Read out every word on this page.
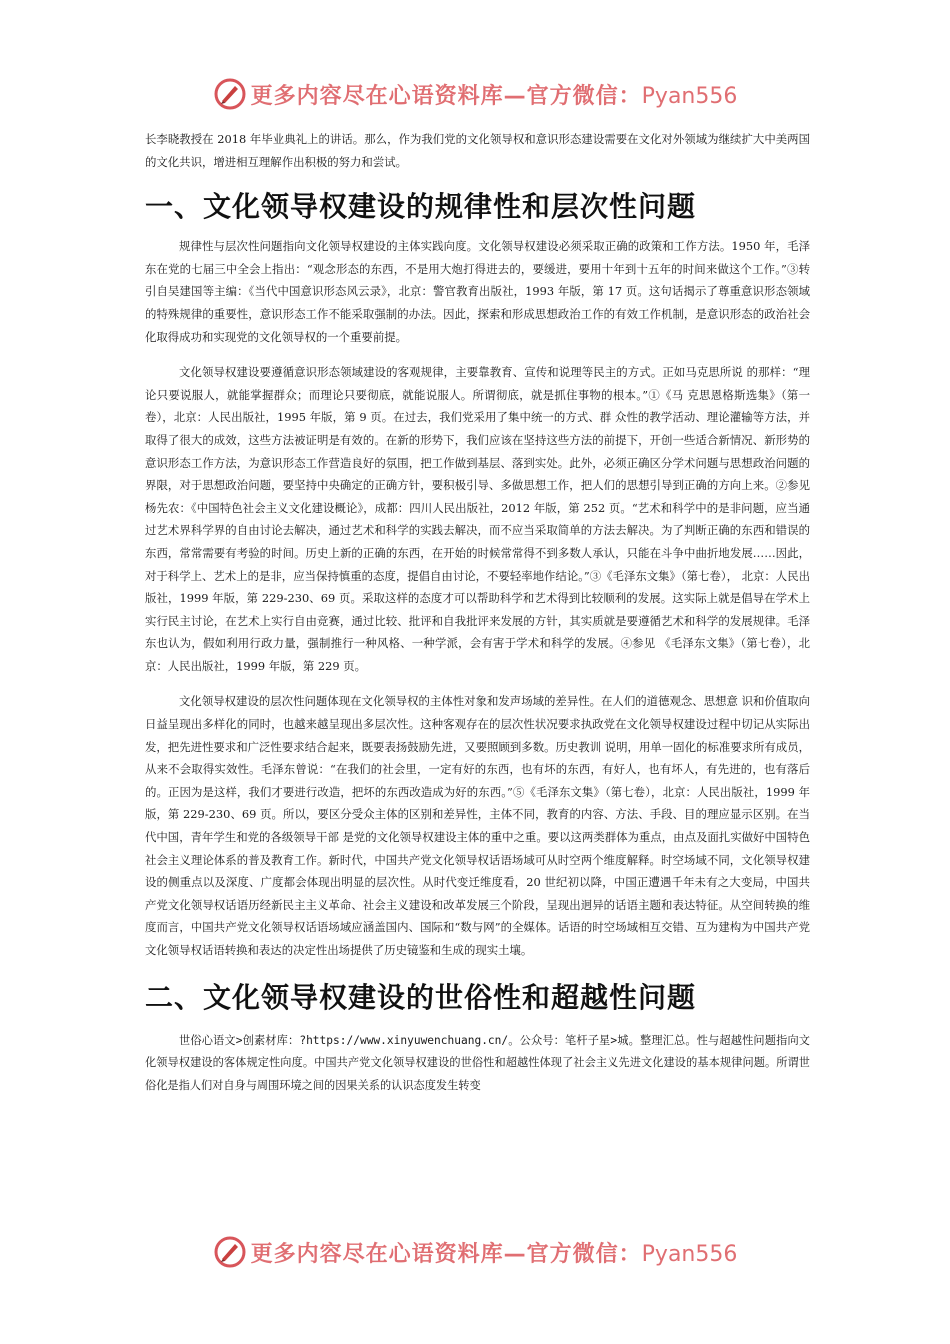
更多内容尽在心语资料库—官方微信：Pyan556

长李晓教授在 2018 年毕业典礼上的讲话。那么，作为我们党的文化领导权和意识形态建设需要在文化对外领域为继续扩大中美两国的文化共识，增进相互理解作出积极的努力和尝试。

一、文化领导权建设的规律性和层次性问题

规律性与层次性问题指向文化领导权建设的主体实践向度。文化领导权建设必须采取正确的政策和工作方法。1950 年，毛泽东在党的七届三中全会上指出：“观念形态的东西，不是用大炮打得进去的，要缓进，要用十年到十五年的时间来做这个工作。”③转引自吴建国等主编：《当代中国意识形态风云录》，北京：警官教育出版社，1993 年版，第 17 页。这句话揭示了尊重意识形态领域的特殊规律的重要性，意识形态工作不能采取强制的办法。因此，探索和形成思想政治工作的有效工作机制，是意识形态的政治社会化取得成功和实现党的文化领导权的一个重要前提。

文化领导权建设要遵循意识形态领域建设的客观规律，主要靠教育、宣传和说理等民主的方式。正如马克思所说 的那样：“理论只要说服人，就能掌握群众；而理论只要彻底，就能说服人。所谓彻底，就是抓住事物的根本。”①《马 克思恩格斯选集》（第一卷），北京：人民出版社，1995 年版，第 9 页。在过去，我们党采用了集中统一的方式、群 众性的教学活动、理论灌输等方法，并取得了很大的成效，这些方法被证明是有效的。在新的形势下，我们应该在坚持这些方法的前提下，开创一些适合新情况、新形势的意识形态工作方法，为意识形态工作营造良好的氛围，把工作做到基层、落到实处。此外，必须正确区分学术问题与思想政治问题的界限，对于思想政治问题，要坚持中央确定的正确方针，要积极引导、多做思想工作，把人们的思想引导到正确的方向上来。②参见杨先农：《中国特色社会主义文化建设概论》，成都：四川人民出版社，2012 年版，第 252 页。“艺术和科学中的是非问题，应当通过艺术界科学界的自由讨论去解决，通过艺术和科学的实践去解决，而不应当采取简单的方法去解决。为了判断正确的东西和错误的东西，常常需要有考验的时间。历史上新的正确的东西，在开始的时候常常得不到多数人承认，只能在斗争中曲折地发展……因此， 对于科学上、艺术上的是非，应当保持慎重的态度，提倡自由讨论，不要轻率地作结论。”③《毛泽东文集》（第七卷）， 北京：人民出版社，1999 年版，第 229-230、69 页。采取这样的态度才可以帮助科学和艺术得到比较顺利的发展。这实际上就是倡导在学术上实行民主讨论，在艺术上实行自由竞赛，通过比较、批评和自我批评来发展的方针，其实质就是要遵循艺术和科学的发展规律。毛泽东也认为，假如利用行政力量，强制推行一种风格、一种学派，会有害于学术和科学的发展。④参见 《毛泽东文集》（第七卷），北京：人民出版社，1999 年版，第 229 页。

文化领导权建设的层次性问题体现在文化领导权的主体性对象和发声场域的差异性。在人们的道德观念、思想意 识和价值取向日益呈现出多样化的同时，也越来越呈现出多层次性。这种客观存在的层次性状况要求执政党在文化领导权建设过程中切记从实际出发，把先进性要求和广泛性要求结合起来，既要表扬鼓励先进，又要照顾到多数。历史教训 说明，用单一固化的标准要求所有成员，从来不会取得实效性。毛泽东曾说：“在我们的社会里，一定有好的东西，也有坏的东西，有好人，也有坏人，有先进的，也有落后的。正因为是这样，我们才要进行改造，把坏的东西改造成为好的东西。”⑤《毛泽东文集》（第七卷），北京：人民出版社，1999 年版，第 229-230、69 页。所以，要区分受众主体的区别和差异性，主体不同，教育的内容、方法、手段、目的理应显示区别。在当代中国，青年学生和党的各级领导干部 是党的文化领导权建设主体的重中之重。要以这两类群体为重点，由点及面扎实做好中国特色社会主义理论体系的普及教育工作。新时代，中国共产党文化领导权话语场域可从时空两个维度解释。时空场域不同，文化领导权建设的侧重点以及深度、广度都会体现出明显的层次性。从时代变迁维度看，20 世纪初以降，中国正遭遇千年未有之大变局，中国共产党文化领导权话语历经新民主主义革命、社会主义建设和改革发展三个阶段，呈现出迥异的话语主题和表达特征。从空间转换的维度而言，中国共产党文化领导权话语场域应涵盖国内、国际和“数与网”的全媒体。话语的时空场域相互交错、互为建构为中国共产党文化领导权话语转换和表达的决定性出场提供了历史镜鉴和生成的现实土壤。

二、文化领导权建设的世俗性和超越性问题

世俗心语文>创素材库：?https://www.xinyuwenchuang.cn/。公众号：笔杆子星>城。整理汇总。性与超越性问题指向文化领导权建设的客体规定性向度。中国共产党文化领导权建设的世俗性和超越性体现了社会主义先进文化建设的基本规律问题。所谓世俗化是指人们对自身与周围环境之间的因果关系的认识态度发生转变

更多内容尽在心语资料库—官方微信：Pyan556
